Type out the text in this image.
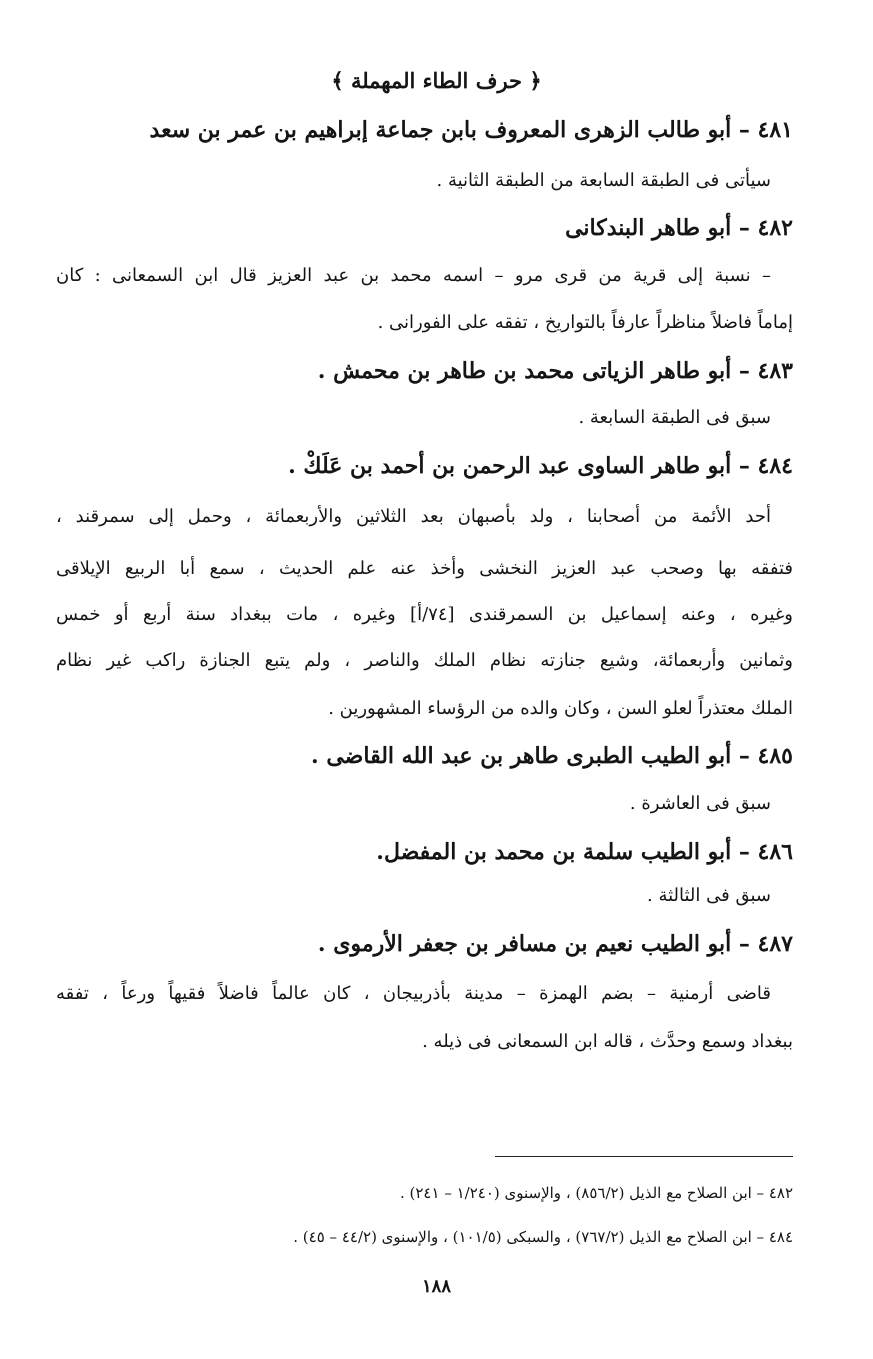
﴿ حرف الطاء المهملة ﴾
٤٨١ – أبو طالب الزهرى المعروف بابن جماعة إبراهيم بن عمر بن سعد
سيأتى فى الطبقة السابعة من الطبقة الثانية .
٤٨٢ – أبو طاهر البندكانى
– نسبة إلى قرية من قرى مرو – اسمه محمد بن عبد العزيز قال ابن السمعانى : كان
إماماً فاضلاً مناظراً عارفاً بالتواريخ ، تفقه على الفورانى .
٤٨٣ – أبو طاهر الزياتى محمد بن طاهر بن محمش .
سبق فى الطبقة السابعة .
٤٨٤ – أبو طاهر الساوى عبد الرحمن بن أحمد بن عَلَكْ .
أحد الأئمة من أصحابنا ، ولد بأصبهان بعد الثلاثين والأربعمائة ، وحمل إلى سمرقند ،
فتفقه بها وصحب عبد العزيز النخشى وأخذ عنه علم الحديث ، سمع أبا الربيع الإيلاقى
وغيره ، وعنه إسماعيل بن السمرقندى [٧٤/أ] وغيره ، مات ببغداد سنة أربع أو خمس
وثمانين وأربعمائة، وشيع جنازته نظام الملك والناصر ، ولم يتبع الجنازة راكب غير نظام
الملك معتذراً لعلو السن ، وكان والده من الرؤساء المشهورين .
٤٨٥ – أبو الطيب الطبرى طاهر بن عبد الله القاضى .
سبق فى العاشرة .
٤٨٦ – أبو الطيب سلمة بن محمد بن المفضل.
سبق فى الثالثة .
٤٨٧ – أبو الطيب نعيم بن مسافر بن جعفر الأرموى .
قاضى أرمنية – بضم الهمزة – مدينة بأذربيجان ، كان عالماً فاضلاً فقيهاً ورعاً ، تفقه
ببغداد وسمع وحدَّث ، قاله ابن السمعانى فى ذيله .
٤٨٢ – ابن الصلاح مع الذيل (٨٥٦/٢) ، والإسنوى (١/٢٤٠ – ٢٤١) .
٤٨٤ – ابن الصلاح مع الذيل (٧٦٧/٢) ، والسبكى (١٠١/٥) ، والإسنوى (٤٤/٢ – ٤٥) .
١٨٨
